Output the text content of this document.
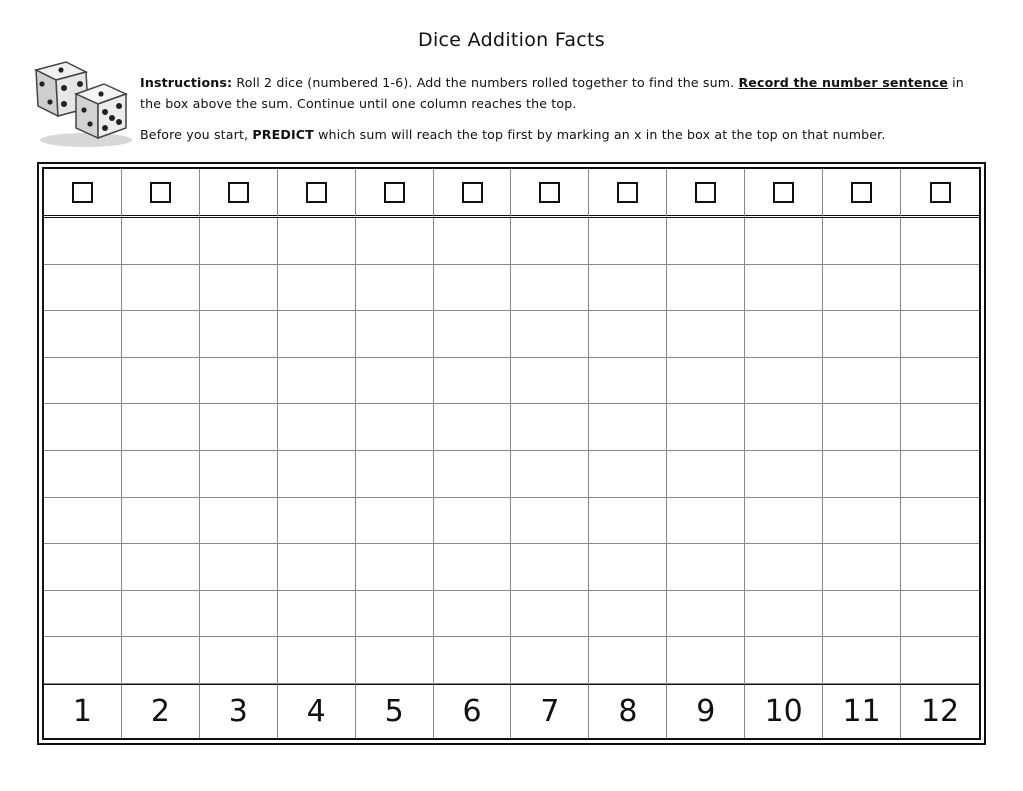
Dice Addition Facts
Instructions: Roll 2 dice (numbered 1-6). Add the numbers rolled together to find the sum. Record the number sentence in the box above the sum. Continue until one column reaches the top.
Before you start, PREDICT which sum will reach the top first by marking an x in the box at the top on that number.
1 2 3 4 5 6 7 8 9 10 11 12
